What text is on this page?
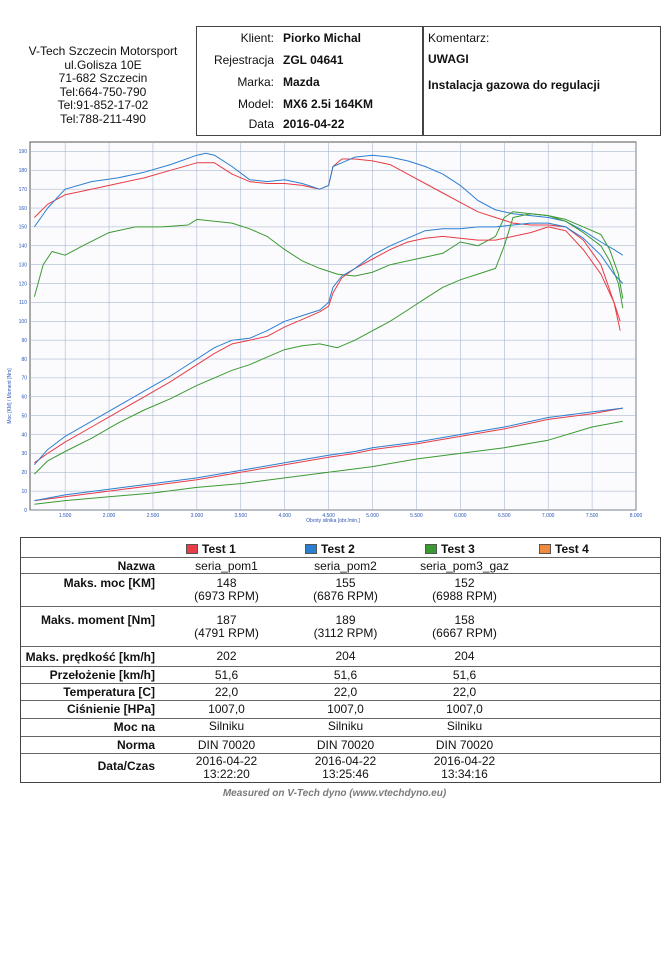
V-Tech Szczecin Motorsport
ul.Golisza 10E
71-682 Szczecin
Tel:664-750-790
Tel:91-852-17-02
Tel:788-211-490
Klient: Piorko Michal
Rejestracja ZGL 04641
Marka: Mazda
Model: MX6 2.5i 164KM
Data 2016-04-22
Komentarz:
UWAGI
Instalacja gazowa do regulacji
1.500	2.000	2.500	3.000	3.500	4.000	4.500	5.000	5.500	6.000	6.500	7.000	7.500	8.000
0
10
20
30
40
50
60
70
80
90
100
110
120
130
140
150
160
170
180
190
Obroty silnika [obr./min.]
Moc [KM] / Moment [Nm]
Test 1	Test 2	Test 3	Test 4
Nazwa	seria_pom1	seria_pom2	seria_pom3_gaz
Maks. moc [KM]	148	155	152
(6973 RPM)	(6876 RPM)	(6988 RPM)
Maks. moment [Nm]	187	189	158
(4791 RPM)	(3112 RPM)	(6667 RPM)
Maks. prędkość [km/h]	202	204	204
Przełożenie [km/h]	51,6	51,6	51,6
Temperatura [C]	22,0	22,0	22,0
Ciśnienie [HPa]	1007,0	1007,0	1007,0
Moc na	Silniku	Silniku	Silniku
Norma	DIN 70020	DIN 70020	DIN 70020
Data/Czas	2016-04-22	2016-04-22	2016-04-22
13:22:20	13:25:46	13:34:16
Measured on V-Tech dyno (www.vtechdyno.eu)
